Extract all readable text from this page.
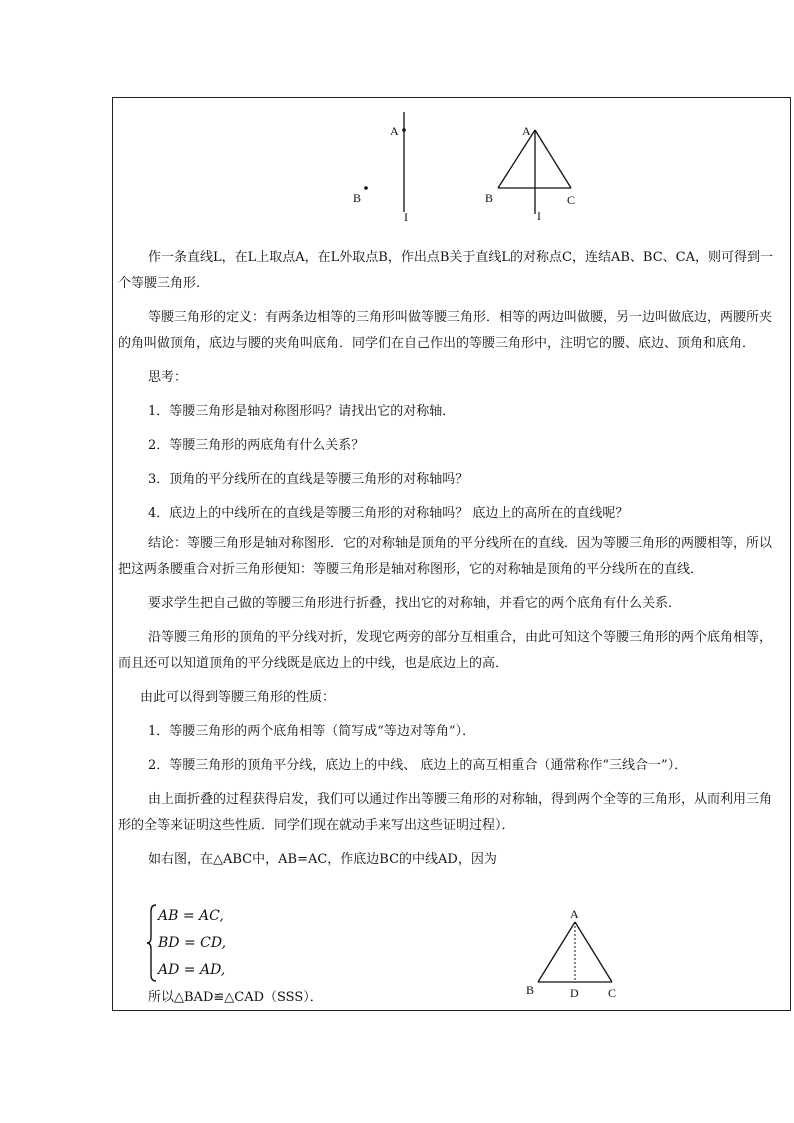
A
I
B
A
B	C
I

作一条直线L，在L上取点A，在L外取点B，作出点B关于直线L的对称点C，连结AB、BC、CA，则可得到一个等腰三角形.

等腰三角形的定义：有两条边相等的三角形叫做等腰三角形．相等的两边叫做腰，另一边叫做底边，两腰所夹的角叫做顶角，底边与腰的夹角叫底角．同学们在自己作出的等腰三角形中，注明它的腰、底边、顶角和底角．

思考：

1．等腰三角形是轴对称图形吗？请找出它的对称轴．

2．等腰三角形的两底角有什么关系？

3．顶角的平分线所在的直线是等腰三角形的对称轴吗？

4．底边上的中线所在的直线是等腰三角形的对称轴吗？ 底边上的高所在的直线呢？

结论：等腰三角形是轴对称图形．它的对称轴是顶角的平分线所在的直线．因为等腰三角形的两腰相等，所以把这两条腰重合对折三角形便知：等腰三角形是轴对称图形，它的对称轴是顶角的平分线所在的直线．

要求学生把自己做的等腰三角形进行折叠，找出它的对称轴，并看它的两个底角有什么关系．

沿等腰三角形的顶角的平分线对折，发现它两旁的部分互相重合，由此可知这个等腰三角形的两个底角相等， 而且还可以知道顶角的平分线既是底边上的中线，也是底边上的高．

由此可以得到等腰三角形的性质：

1．等腰三角形的两个底角相等（简写成“等边对等角”）．

2．等腰三角形的顶角平分线，底边上的中线、 底边上的高互相重合（通常称作“三线合一”）．

由上面折叠的过程获得启发，我们可以通过作出等腰三角形的对称轴，得到两个全等的三角形，从而利用三角形的全等来证明这些性质．同学们现在就动手来写出这些证明过程）．

如右图，在△ABC中，AB=AC，作底边BC的中线AD，因为

AB = AC,
BD = CD,
AD = AD,

所以△BAD≌△CAD（SSS）．

A
B	C
D
